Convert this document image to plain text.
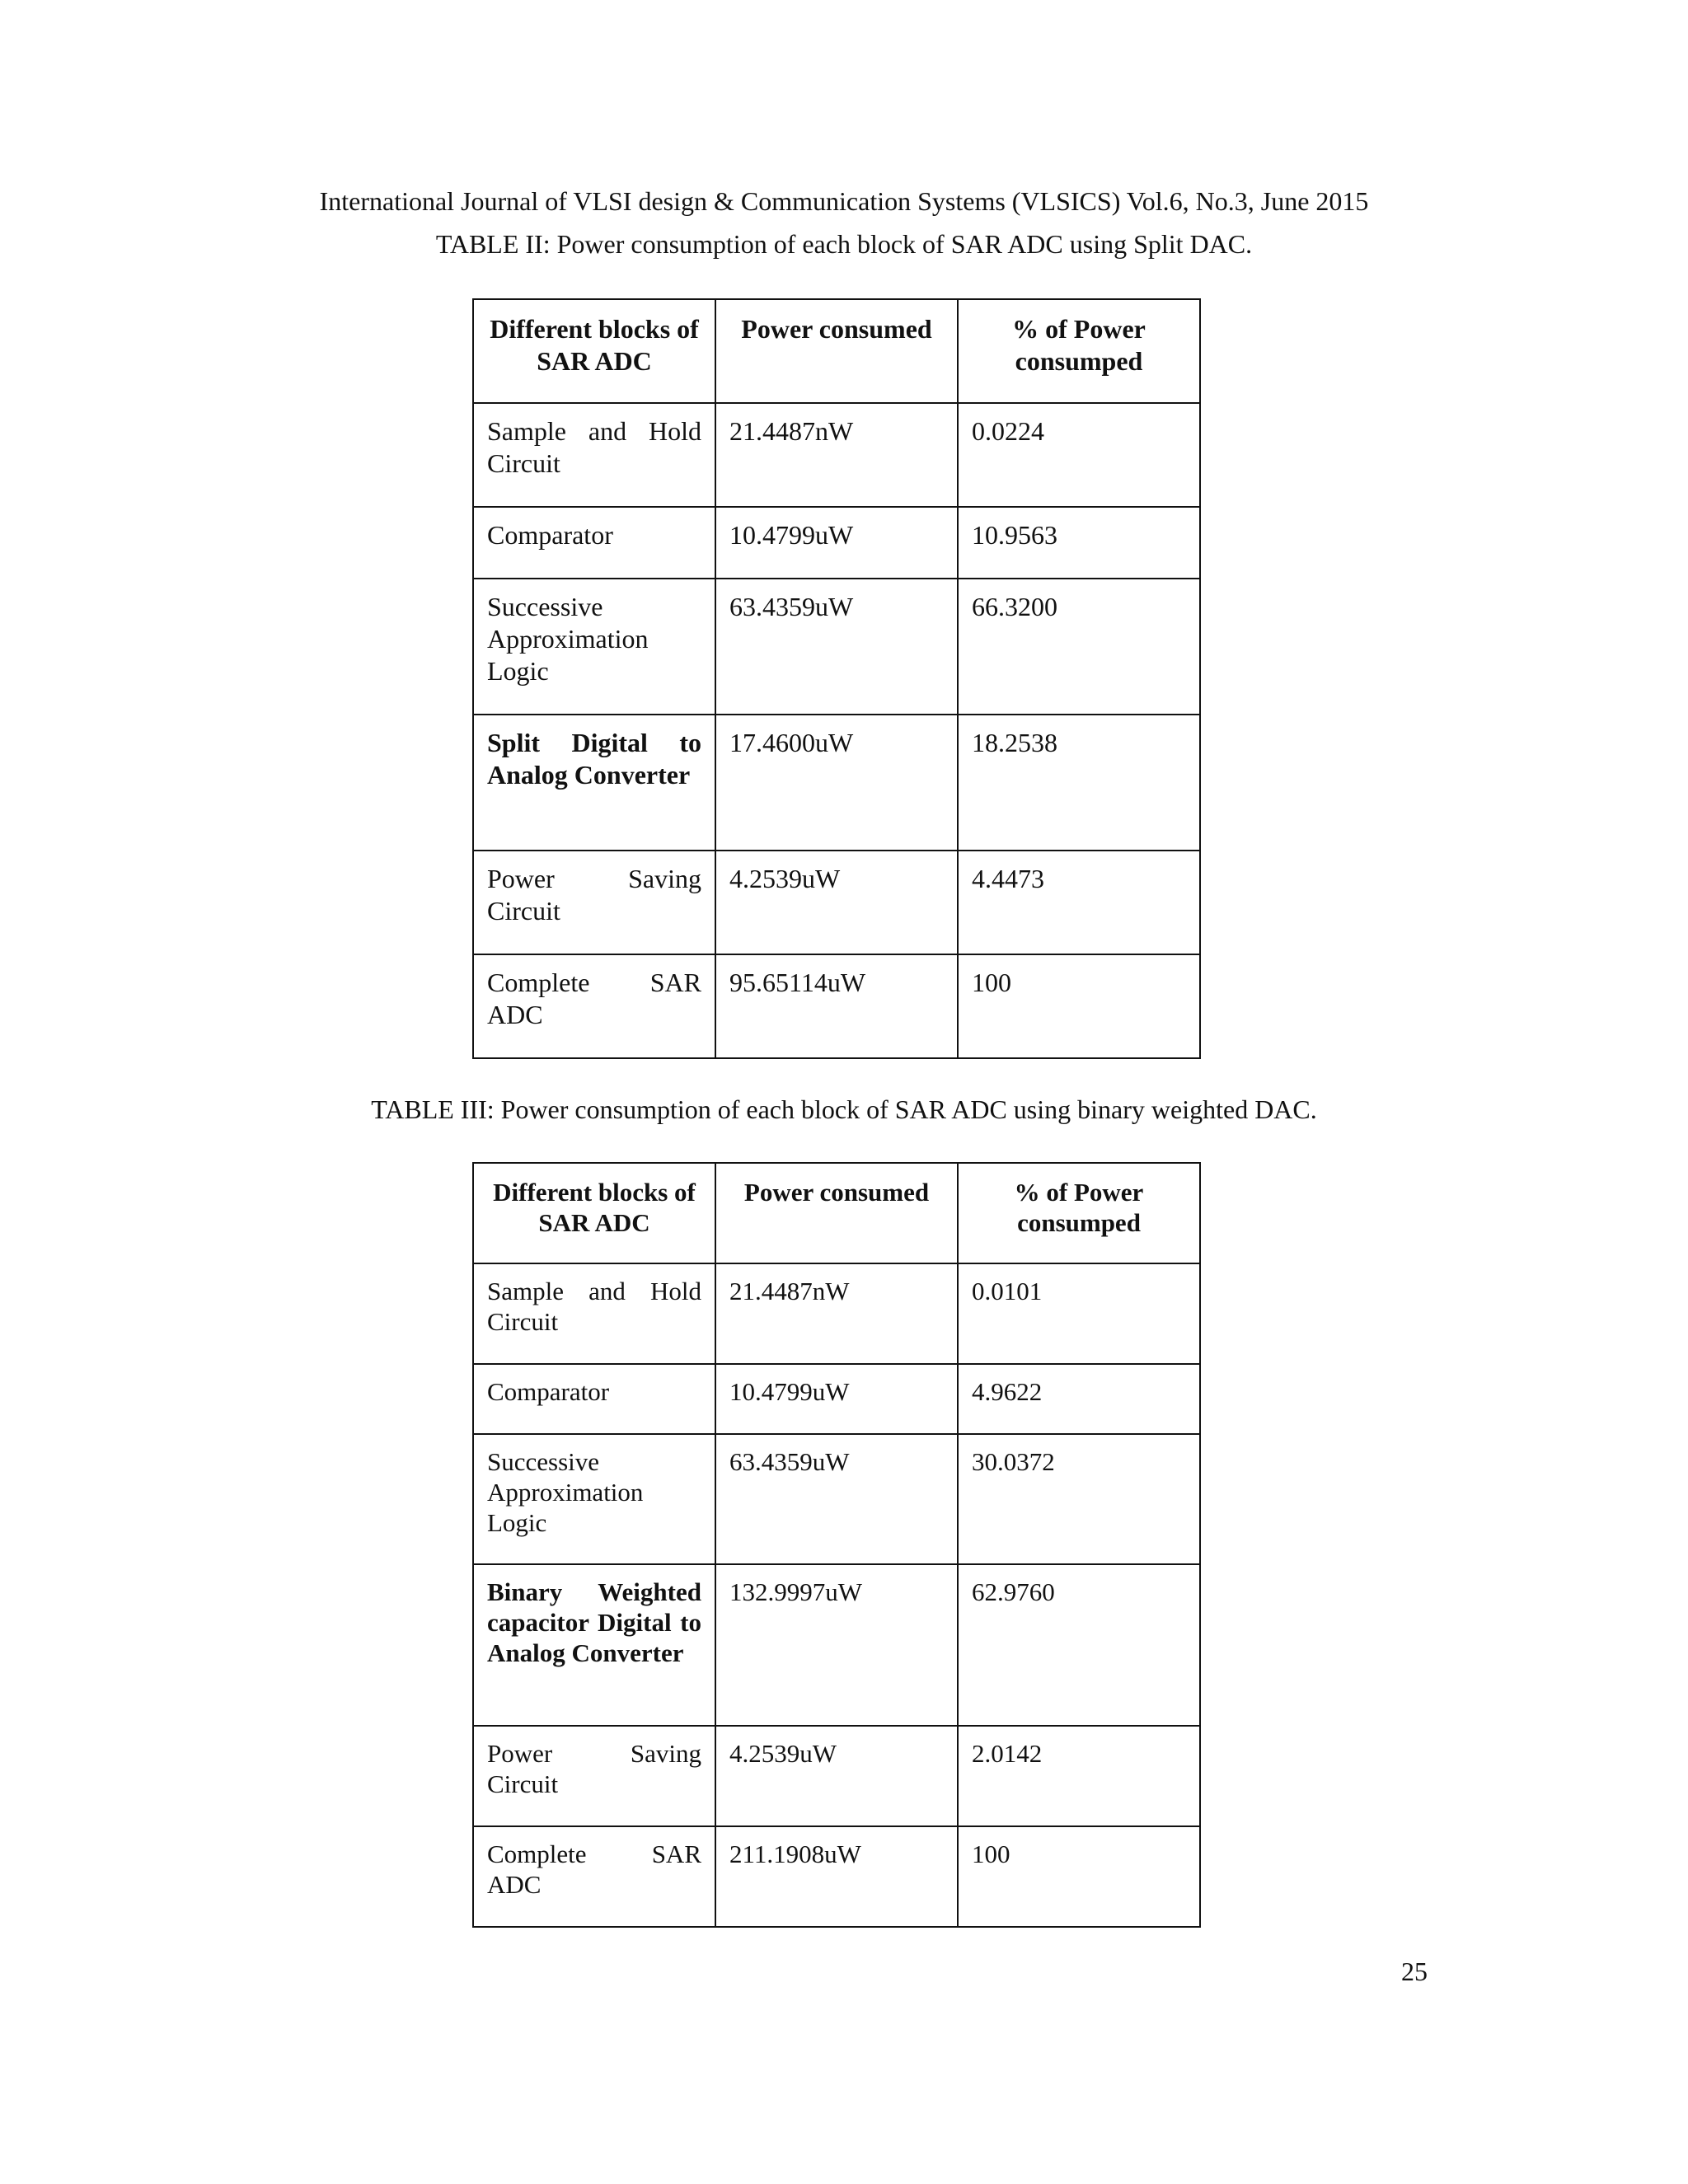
International Journal of VLSI design & Communication Systems (VLSICS) Vol.6, No.3, June 2015
TABLE II: Power consumption of each block of SAR ADC using Split DAC.
Different blocks of SAR ADC	Power consumed	% of Power consumped
Sample and Hold Circuit	21.4487nW	0.0224
Comparator	10.4799uW	10.9563
Successive Approximation Logic	63.4359uW	66.3200
Split Digital to Analog Converter	17.4600uW	18.2538
Power Saving Circuit	4.2539uW	4.4473
Complete SAR ADC	95.65114uW	100
TABLE III: Power consumption of each block of SAR ADC using binary weighted DAC.
Different blocks of SAR ADC	Power consumed	% of Power consumped
Sample and Hold Circuit	21.4487nW	0.0101
Comparator	10.4799uW	4.9622
Successive Approximation Logic	63.4359uW	30.0372
Binary Weighted capacitor Digital to Analog Converter	132.9997uW	62.9760
Power Saving Circuit	4.2539uW	2.0142
Complete SAR ADC	211.1908uW	100
25
